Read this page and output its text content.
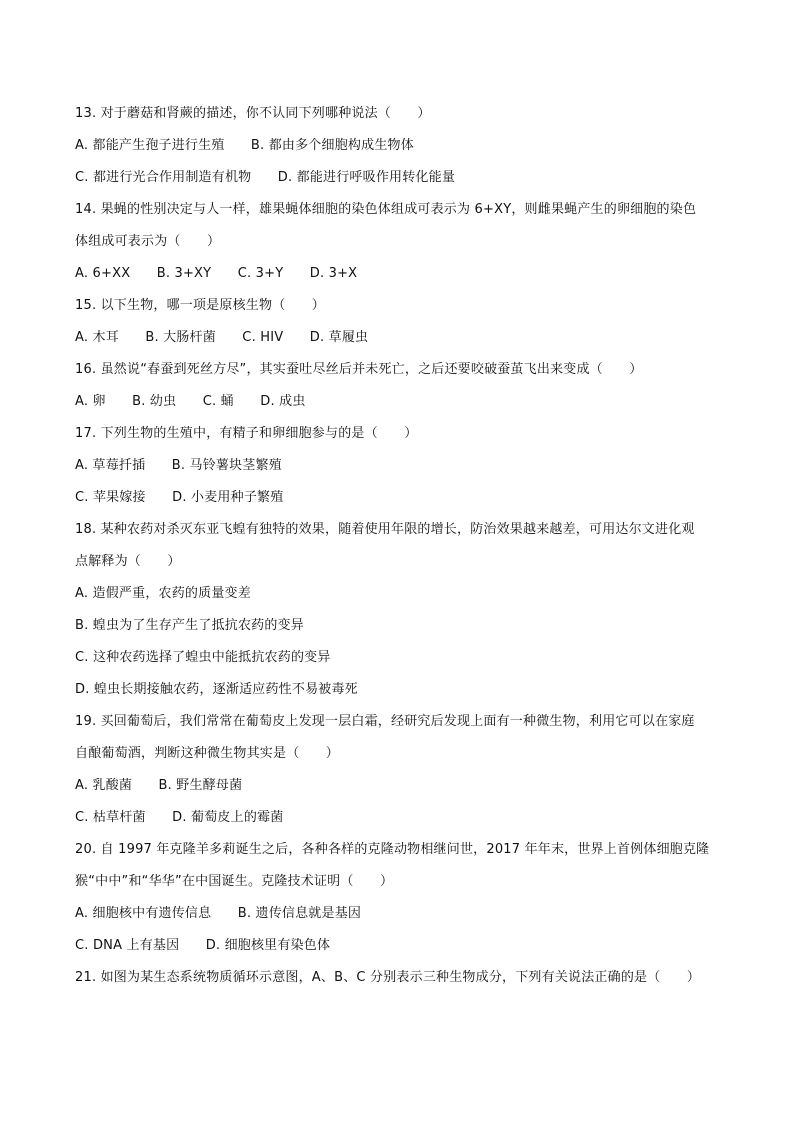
13. 对于蘑菇和肾蕨的描述，你不认同下列哪种说法（　　）
A. 都能产生孢子进行生殖　　B. 都由多个细胞构成生物体
C. 都进行光合作用制造有机物　　D. 都能进行呼吸作用转化能量
14. 果蝇的性别决定与人一样，雄果蝇体细胞的染色体组成可表示为 6+XY，则雌果蝇产生的卵细胞的染色
体组成可表示为（　　）
A. 6+XX　　B. 3+XY　　C. 3+Y　　D. 3+X
15. 以下生物，哪一项是原核生物（　　）
A. 木耳　　B. 大肠杆菌　　C. HIV　　D. 草履虫
16. 虽然说“春蚕到死丝方尽”，其实蚕吐尽丝后并未死亡，之后还要咬破蚕茧飞出来变成（　　）
A. 卵　　B. 幼虫　　C. 蛹　　D. 成虫
17. 下列生物的生殖中，有精子和卵细胞参与的是（　　）
A. 草莓扦插　　B. 马铃薯块茎繁殖
C. 苹果嫁接　　D. 小麦用种子繁殖
18. 某种农药对杀灭东亚飞蝗有独特的效果，随着使用年限的增长，防治效果越来越差，可用达尔文进化观
点解释为（　　）
A. 造假严重，农药的质量变差
B. 蝗虫为了生存产生了抵抗农药的变异
C. 这种农药选择了蝗虫中能抵抗农药的变异
D. 蝗虫长期接触农药，逐渐适应药性不易被毒死
19. 买回葡萄后，我们常常在葡萄皮上发现一层白霜，经研究后发现上面有一种微生物，利用它可以在家庭
自酿葡萄酒，判断这种微生物其实是（　　）
A. 乳酸菌　　B. 野生酵母菌
C. 枯草杆菌　　D. 葡萄皮上的霉菌
20. 自 1997 年克隆羊多莉诞生之后，各种各样的克隆动物相继问世，2017 年年末，世界上首例体细胞克隆
猴“中中”和“华华”在中国诞生。克隆技术证明（　　）
A. 细胞核中有遗传信息　　B. 遗传信息就是基因
C. DNA 上有基因　　D. 细胞核里有染色体
21. 如图为某生态系统物质循环示意图，A、B、C 分别表示三种生物成分，下列有关说法正确的是（　　）
